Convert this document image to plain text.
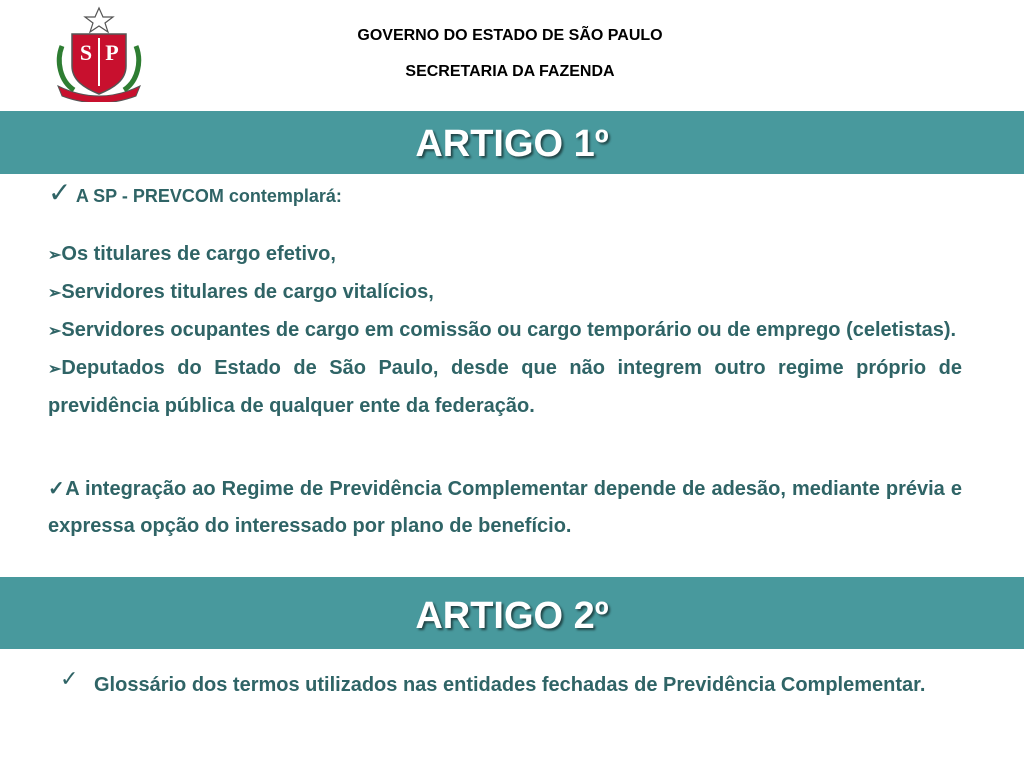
S P
GOVERNO DO ESTADO DE SÃO PAULO
SECRETARIA DA FAZENDA
ARTIGO 1º
✓ A SP - PREVCOM contemplará:

➢Os titulares de cargo efetivo,

➢Servidores titulares de cargo vitalícios,

➢Servidores ocupantes de cargo em comissão ou cargo temporário ou de emprego (celetistas).

➢Deputados do Estado de São Paulo, desde que não integrem outro regime próprio de previdência pública de qualquer ente da federação.

✓A integração ao Regime de Previdência Complementar depende de adesão, mediante prévia e expressa opção do interessado por plano de benefício.
ARTIGO 2º
✓ Glossário dos termos utilizados nas entidades fechadas de Previdência Complementar.
